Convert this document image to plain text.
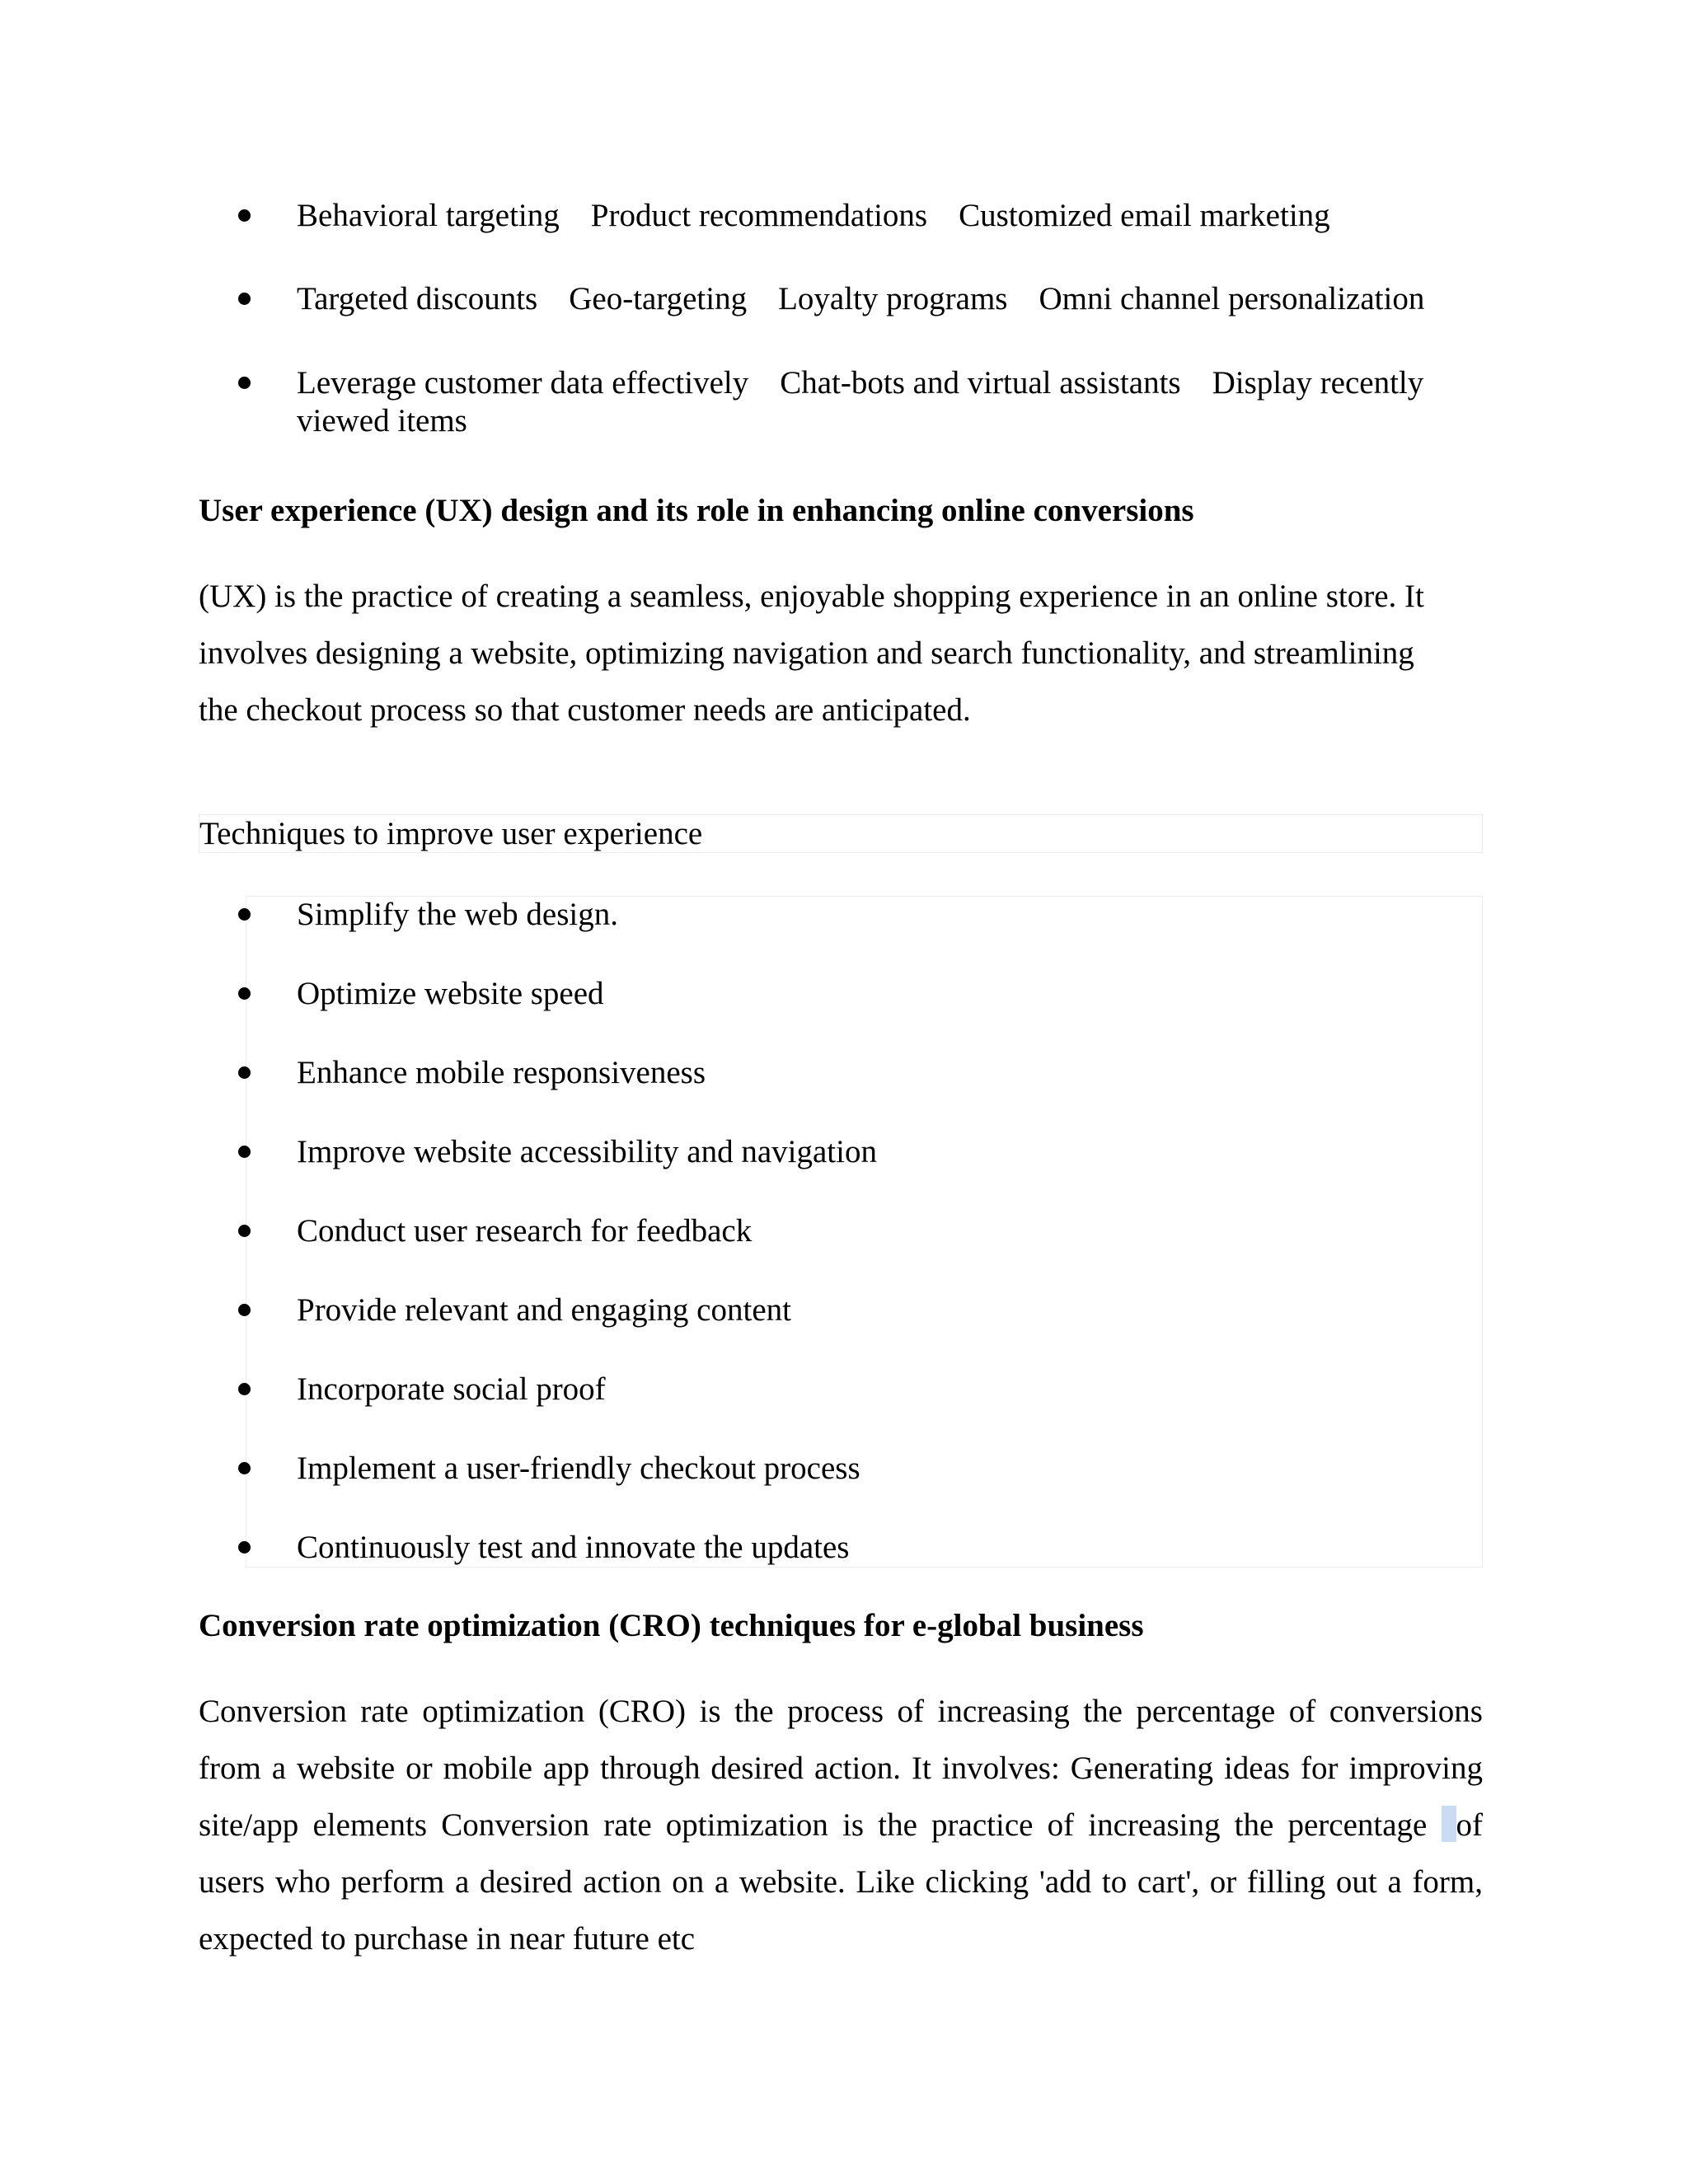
Behavioral targeting Product recommendations Customized email marketing
Targeted discounts Geo-targeting Loyalty programs Omni channel personalization
Leverage customer data effectively Chat-bots and virtual assistants Display recently
viewed items
User experience (UX) design and its role in enhancing online conversions
(UX) is the practice of creating a seamless, enjoyable shopping experience in an online store. It
involves designing a website, optimizing navigation and search functionality, and streamlining
the checkout process so that customer needs are anticipated.
Techniques to improve user experience
Simplify the web design.
Optimize website speed
Enhance mobile responsiveness
Improve website accessibility and navigation
Conduct user research for feedback
Provide relevant and engaging content
Incorporate social proof
Implement a user-friendly checkout process
Continuously test and innovate the updates
Conversion rate optimization (CRO) techniques for e-global business
Conversion rate optimization (CRO) is the process of increasing the percentage of conversions
from a website or mobile app through desired action. It involves: Generating ideas for improving
site/app elements Conversion rate optimization is the practice of increasing the percentage of
users who perform a desired action on a website. Like clicking 'add to cart', or filling out a form,
expected to purchase in near future etc
